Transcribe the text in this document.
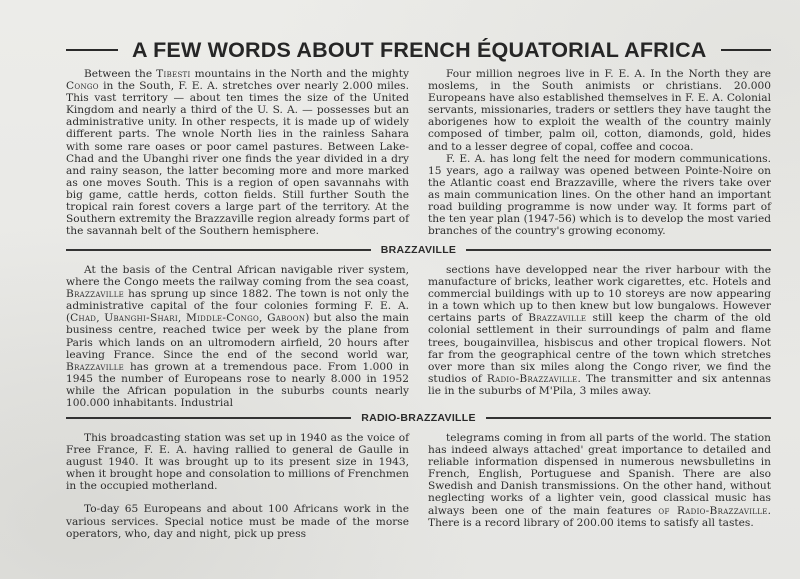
A FEW WORDS ABOUT FRENCH ÉQUATORIAL AFRICA

Between the Tibesti mountains in the North and the mighty Congo in the South, F. E. A. stretches over nearly 2.000 miles. This vast territory — about ten times the size of the United Kingdom and nearly a third of the U. S. A. — possesses but an administrative unity. In other respects, it is made up of widely different parts. The wnole North lies in the rainless Sahara with some rare oases or poor camel pastures. Between Lake-Chad and the Ubanghi river one finds the year divided in a dry and rainy season, the latter becoming more and more marked as one moves South. This is a region of open savannahs with big game, cattle herds, cotton fields. Still further South the tropical rain forest covers a large part of the territory. At the Southern extremity the Brazzaville region already forms part of the savannah belt of the Southern hemisphere.

Four million negroes live in F. E. A. In the North they are moslems, in the South animists or christians. 20.000 Europeans have also established themselves in F. E. A. Colonial servants, missionaries, traders or settlers they have taught the aborigenes how to exploit the wealth of the country mainly composed of timber, palm oil, cotton, diamonds, gold, hides and to a lesser degree of copal, coffee and cocoa.

F. E. A. has long felt the need for modern communications. 15 years, ago a railway was opened between Pointe-Noire on the Atlantic coast end Brazzaville, where the rivers take over as main communication lines. On the other hand an important road building programme is now under way. It forms part of the ten year plan (1947-56) which is to develop the most varied branches of the country's growing economy.

BRAZZAVILLE

At the basis of the Central African navigable river system, where the Congo meets the railway coming from the sea coast, Brazzaville has sprung up since 1882. The town is not only the administrative capital of the four colonies forming F. E. A. (Chad, Ubanghi-Shari, Middle-Congo, Gaboon) but also the main business centre, reached twice per week by the plane from Paris which lands on an ultromodern airfield, 20 hours after leaving France. Since the end of the second world war, Brazzaville has grown at a tremendous pace. From 1.000 in 1945 the number of Europeans rose to nearly 8.000 in 1952 while the African population in the suburbs counts nearly 100.000 inhabitants. Industrial

sections have developped near the river harbour with the manufacture of bricks, leather work cigarettes, etc. Hotels and commercial buildings with up to 10 storeys are now appearing in a town which up to then knew but low bungalows. However certains parts of Brazzaville still keep the charm of the old colonial settlement in their surroundings of palm and flame trees, bougainvillea, hisbiscus and other tropical flowers. Not far from the geographical centre of the town which stretches over more than six miles along the Congo river, we find the studios of Radio-Brazzaville. The transmitter and six antennas lie in the suburbs of M'Pila, 3 miles away.

RADIO-BRAZZAVILLE

This broadcasting station was set up in 1940 as the voice of Free France, F. E. A. having rallied to general de Gaulle in august 1940. It was brought up to its present size in 1943, when it brought hope and consolation to millions of Frenchmen in the occupied motherland.

To-day 65 Europeans and about 100 Africans work in the various services. Special notice must be made of the morse operators, who, day and night, pick up press

telegrams coming in from all parts of the world. The station has indeed always attached' great importance to detailed and reliable information dispensed in numerous newsbulletins in French, English, Portuguese and Spanish. There are also Swedish and Danish transmissions. On the other hand, without neglecting works of a lighter vein, good classical music has always been one of the main features of Radio-Brazzaville. There is a record library of 200.00 items to satisfy all tastes.
